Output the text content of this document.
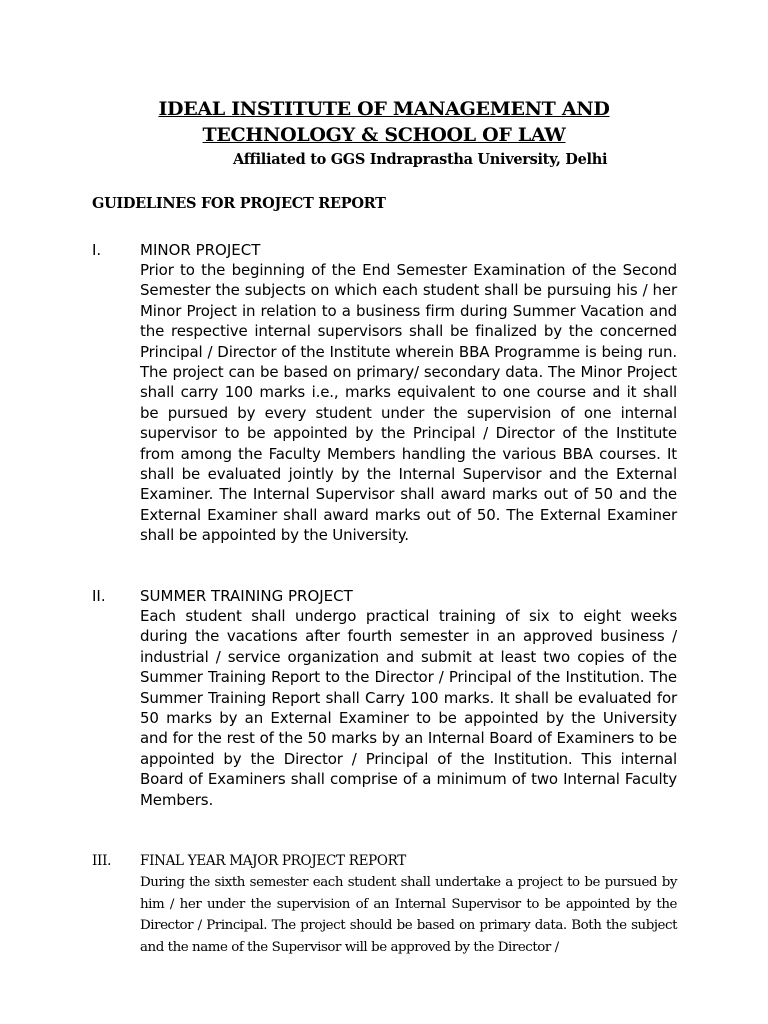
IDEAL INSTITUTE OF MANAGEMENT AND
TECHNOLOGY & SCHOOL OF LAW
Affiliated to GGS Indraprastha University, Delhi
GUIDELINES FOR PROJECT REPORT
I.	MINOR PROJECT
Prior to the beginning of the End Semester Examination of the Second Semester the subjects on which each student shall be pursuing his / her Minor Project in relation to a business firm during Summer Vacation and the respective internal supervisors shall be finalized by the concerned Principal / Director of the Institute wherein BBA Programme is being run. The project can be based on primary/ secondary data. The Minor Project shall carry 100 marks i.e., marks equivalent to one course and it shall be pursued by every student under the supervision of one internal supervisor to be appointed by the Principal / Director of the Institute from among the Faculty Members handling the various BBA courses. It shall be evaluated jointly by the Internal Supervisor and the External Examiner. The Internal Supervisor shall award marks out of 50 and the External Examiner shall award marks out of 50. The External Examiner shall be appointed by the University.
II. SUMMER TRAINING PROJECT
Each student shall undergo practical training of six to eight weeks during the vacations after fourth semester in an approved business / industrial / service organization and submit at least two copies of the Summer Training Report to the Director / Principal of the Institution. The Summer Training Report shall Carry 100 marks. It shall be evaluated for 50 marks by an External Examiner to be appointed by the University and for the rest of the 50 marks by an Internal Board of Examiners to be appointed by the Director / Principal of the Institution. This internal Board of Examiners shall comprise of a minimum of two Internal Faculty Members.
III. FINAL YEAR MAJOR PROJECT REPORT
During the sixth semester each student shall undertake a project to be pursued by him / her under the supervision of an Internal Supervisor to be appointed by the Director / Principal. The project should be based on primary data. Both the subject and the name of the Supervisor will be approved by the Director /
